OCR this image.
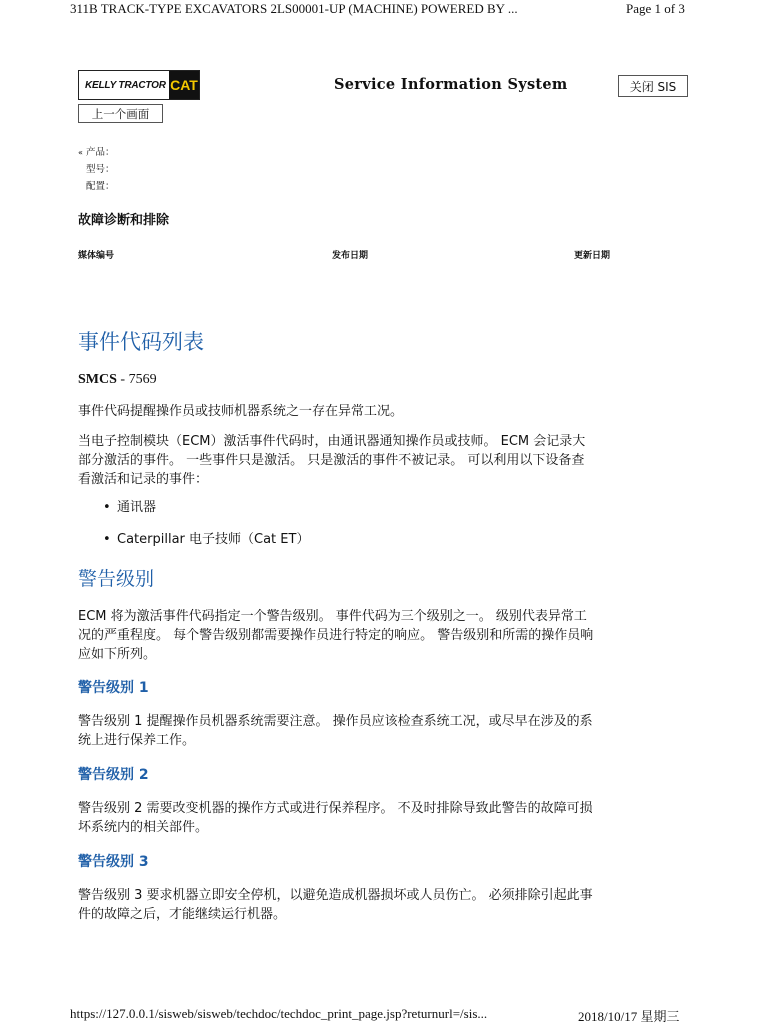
311B TRACK-TYPE EXCAVATORS 2LS00001-UP (MACHINE) POWERED BY ...	Page 1 of 3
KELLY TRACTOR CAT	Service Information System	关闭 SIS
上一个画面
« 产品：
型号：
配置：
故障诊断和排除
媒体编号	发布日期	更新日期
事件代码列表
SMCS - 7569
事件代码提醒操作员或技师机器系统之一存在异常工况。
当电子控制模块（ECM）激活事件代码时，由通讯器通知操作员或技师。 ECM 会记录大
部分激活的事件。 一些事件只是激活。 只是激活的事件不被记录。 可以利用以下设备查
看激活和记录的事件：
• 通讯器
• Caterpillar 电子技师（Cat ET）
警告级别
ECM 将为激活事件代码指定一个警告级别。 事件代码为三个级别之一。 级别代表异常工
况的严重程度。 每个警告级别都需要操作员进行特定的响应。 警告级别和所需的操作员响
应如下所列。
警告级别 1
警告级别 1 提醒操作员机器系统需要注意。 操作员应该检查系统工况，或尽早在涉及的系
统上进行保养工作。
警告级别 2
警告级别 2 需要改变机器的操作方式或进行保养程序。 不及时排除导致此警告的故障可损
坏系统内的相关部件。
警告级别 3
警告级别 3 要求机器立即安全停机，以避免造成机器损坏或人员伤亡。 必须排除引起此事
件的故障之后，才能继续运行机器。
https://127.0.0.1/sisweb/sisweb/techdoc/techdoc_print_page.jsp?returnurl=/sis...	2018/10/17 星期三
